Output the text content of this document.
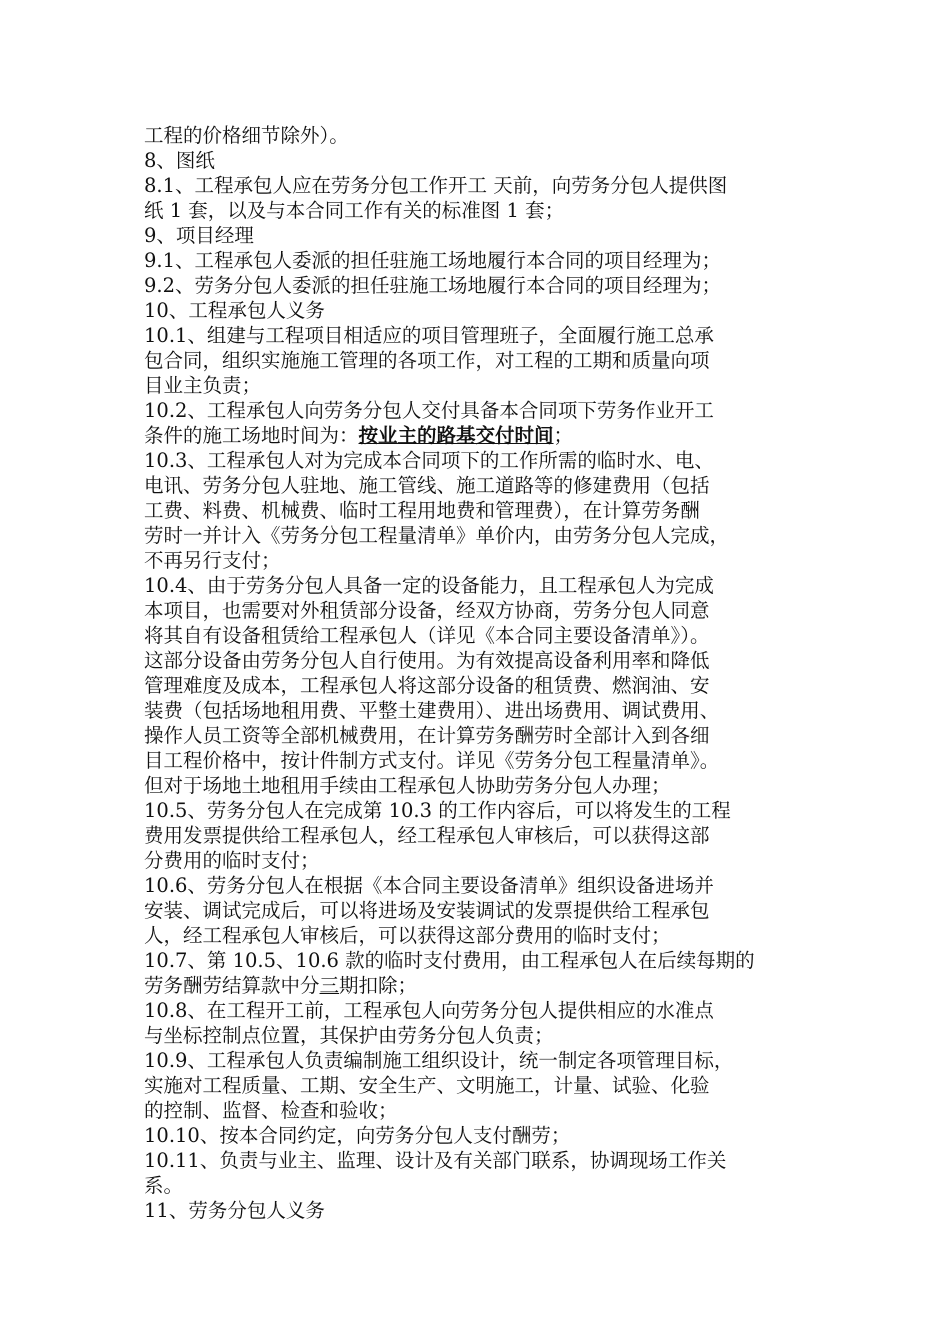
工程的价格细节除外）。
8、图纸
8.1、工程承包人应在劳务分包工作开工 天前，向劳务分包人提供图
纸 1 套，以及与本合同工作有关的标准图 1 套；
9、项目经理
9.1、工程承包人委派的担任驻施工场地履行本合同的项目经理为；
9.2、劳务分包人委派的担任驻施工场地履行本合同的项目经理为；
10、工程承包人义务
10.1、组建与工程项目相适应的项目管理班子，全面履行施工总承
包合同，组织实施施工管理的各项工作，对工程的工期和质量向项
目业主负责；
10.2、工程承包人向劳务分包人交付具备本合同项下劳务作业开工
条件的施工场地时间为：按业主的路基交付时间；
10.3、工程承包人对为完成本合同项下的工作所需的临时水、电、
电讯、劳务分包人驻地、施工管线、施工道路等的修建费用（包括
工费、料费、机械费、临时工程用地费和管理费），在计算劳务酬
劳时一并计入《劳务分包工程量清单》单价内，由劳务分包人完成，
不再另行支付；
10.4、由于劳务分包人具备一定的设备能力，且工程承包人为完成
本项目，也需要对外租赁部分设备，经双方协商，劳务分包人同意
将其自有设备租赁给工程承包人（详见《本合同主要设备清单》）。
这部分设备由劳务分包人自行使用。为有效提高设备利用率和降低
管理难度及成本，工程承包人将这部分设备的租赁费、燃润油、安
装费（包括场地租用费、平整土建费用）、进出场费用、调试费用、
操作人员工资等全部机械费用，在计算劳务酬劳时全部计入到各细
目工程价格中，按计件制方式支付。详见《劳务分包工程量清单》。
但对于场地土地租用手续由工程承包人协助劳务分包人办理；
10.5、劳务分包人在完成第 10.3 的工作内容后，可以将发生的工程
费用发票提供给工程承包人，经工程承包人审核后，可以获得这部
分费用的临时支付；
10.6、劳务分包人在根据《本合同主要设备清单》组织设备进场并
安装、调试完成后，可以将进场及安装调试的发票提供给工程承包
人，经工程承包人审核后，可以获得这部分费用的临时支付；
10.7、第 10.5、10.6 款的临时支付费用，由工程承包人在后续每期的
劳务酬劳结算款中分三期扣除；
10.8、在工程开工前，工程承包人向劳务分包人提供相应的水准点
与坐标控制点位置，其保护由劳务分包人负责；
10.9、工程承包人负责编制施工组织设计，统一制定各项管理目标，
实施对工程质量、工期、安全生产、文明施工，计量、试验、化验
的控制、监督、检查和验收；
10.10、按本合同约定，向劳务分包人支付酬劳；
10.11、负责与业主、监理、设计及有关部门联系，协调现场工作关
系。
11、劳务分包人义务
